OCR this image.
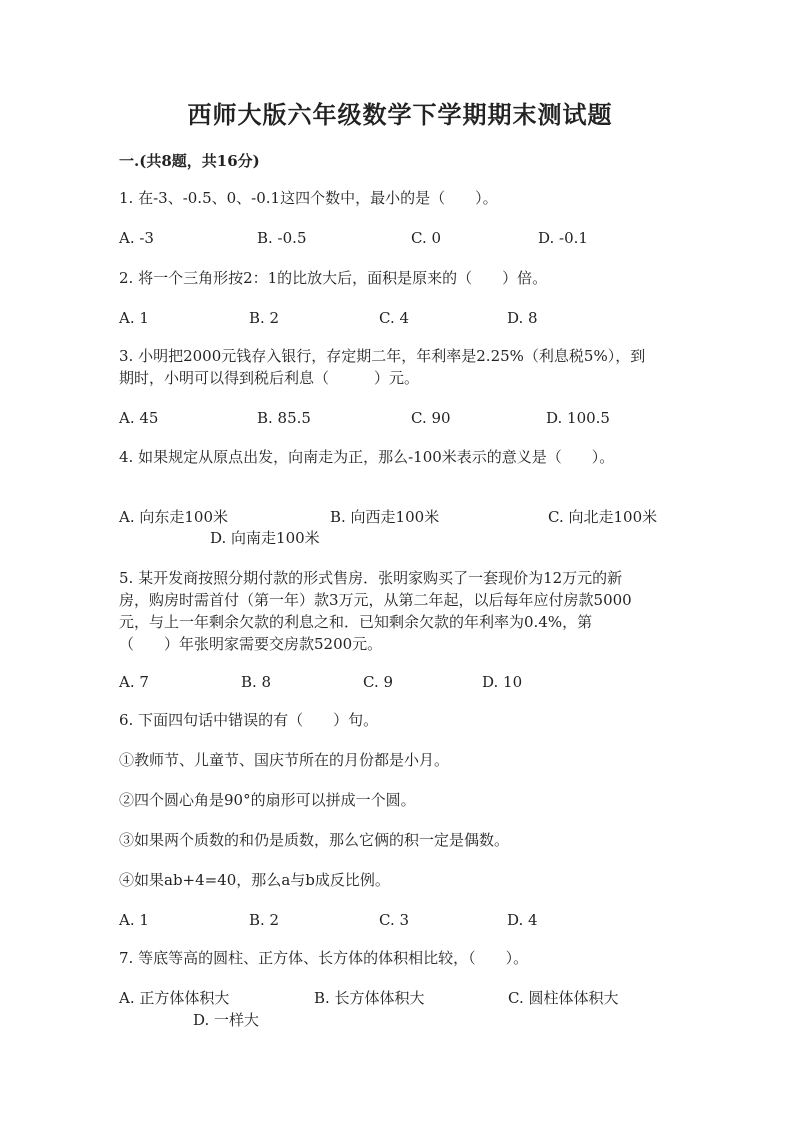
西师大版六年级数学下学期期末测试题
一.(共8题，共16分)
1. 在-3、-0.5、0、-0.1这四个数中，最小的是（　　）。
A. -3	B. -0.5	C. 0	D. -0.1
2. 将一个三角形按2：1的比放大后，面积是原来的（　　）倍。
A. 1	B. 2	C. 4	D. 8
3. 小明把2000元钱存入银行，存定期二年，年利率是2.25%（利息税5%），到
期时，小明可以得到税后利息（　　　）元。
A. 45	B. 85.5	C. 90	D. 100.5
4. 如果规定从原点出发，向南走为正，那么-100米表示的意义是（　　）。
A. 向东走100米	B. 向西走100米	C. 向北走100米
D. 向南走100米
5. 某开发商按照分期付款的形式售房．张明家购买了一套现价为12万元的新
房，购房时需首付（第一年）款3万元，从第二年起，以后每年应付房款5000
元，与上一年剩余欠款的利息之和．已知剩余欠款的年利率为0.4%，第
（　　）年张明家需要交房款5200元。
A. 7	B. 8	C. 9	D. 10
6. 下面四句话中错误的有（　　）句。
①教师节、儿童节、国庆节所在的月份都是小月。
②四个圆心角是90°的扇形可以拼成一个圆。
③如果两个质数的和仍是质数，那么它俩的积一定是偶数。
④如果ab+4=40，那么a与b成反比例。
A. 1	B. 2	C. 3	D. 4
7. 等底等高的圆柱、正方体、长方体的体积相比较，（　　）。
A. 正方体体积大	B. 长方体体积大	C. 圆柱体体积大
D. 一样大
